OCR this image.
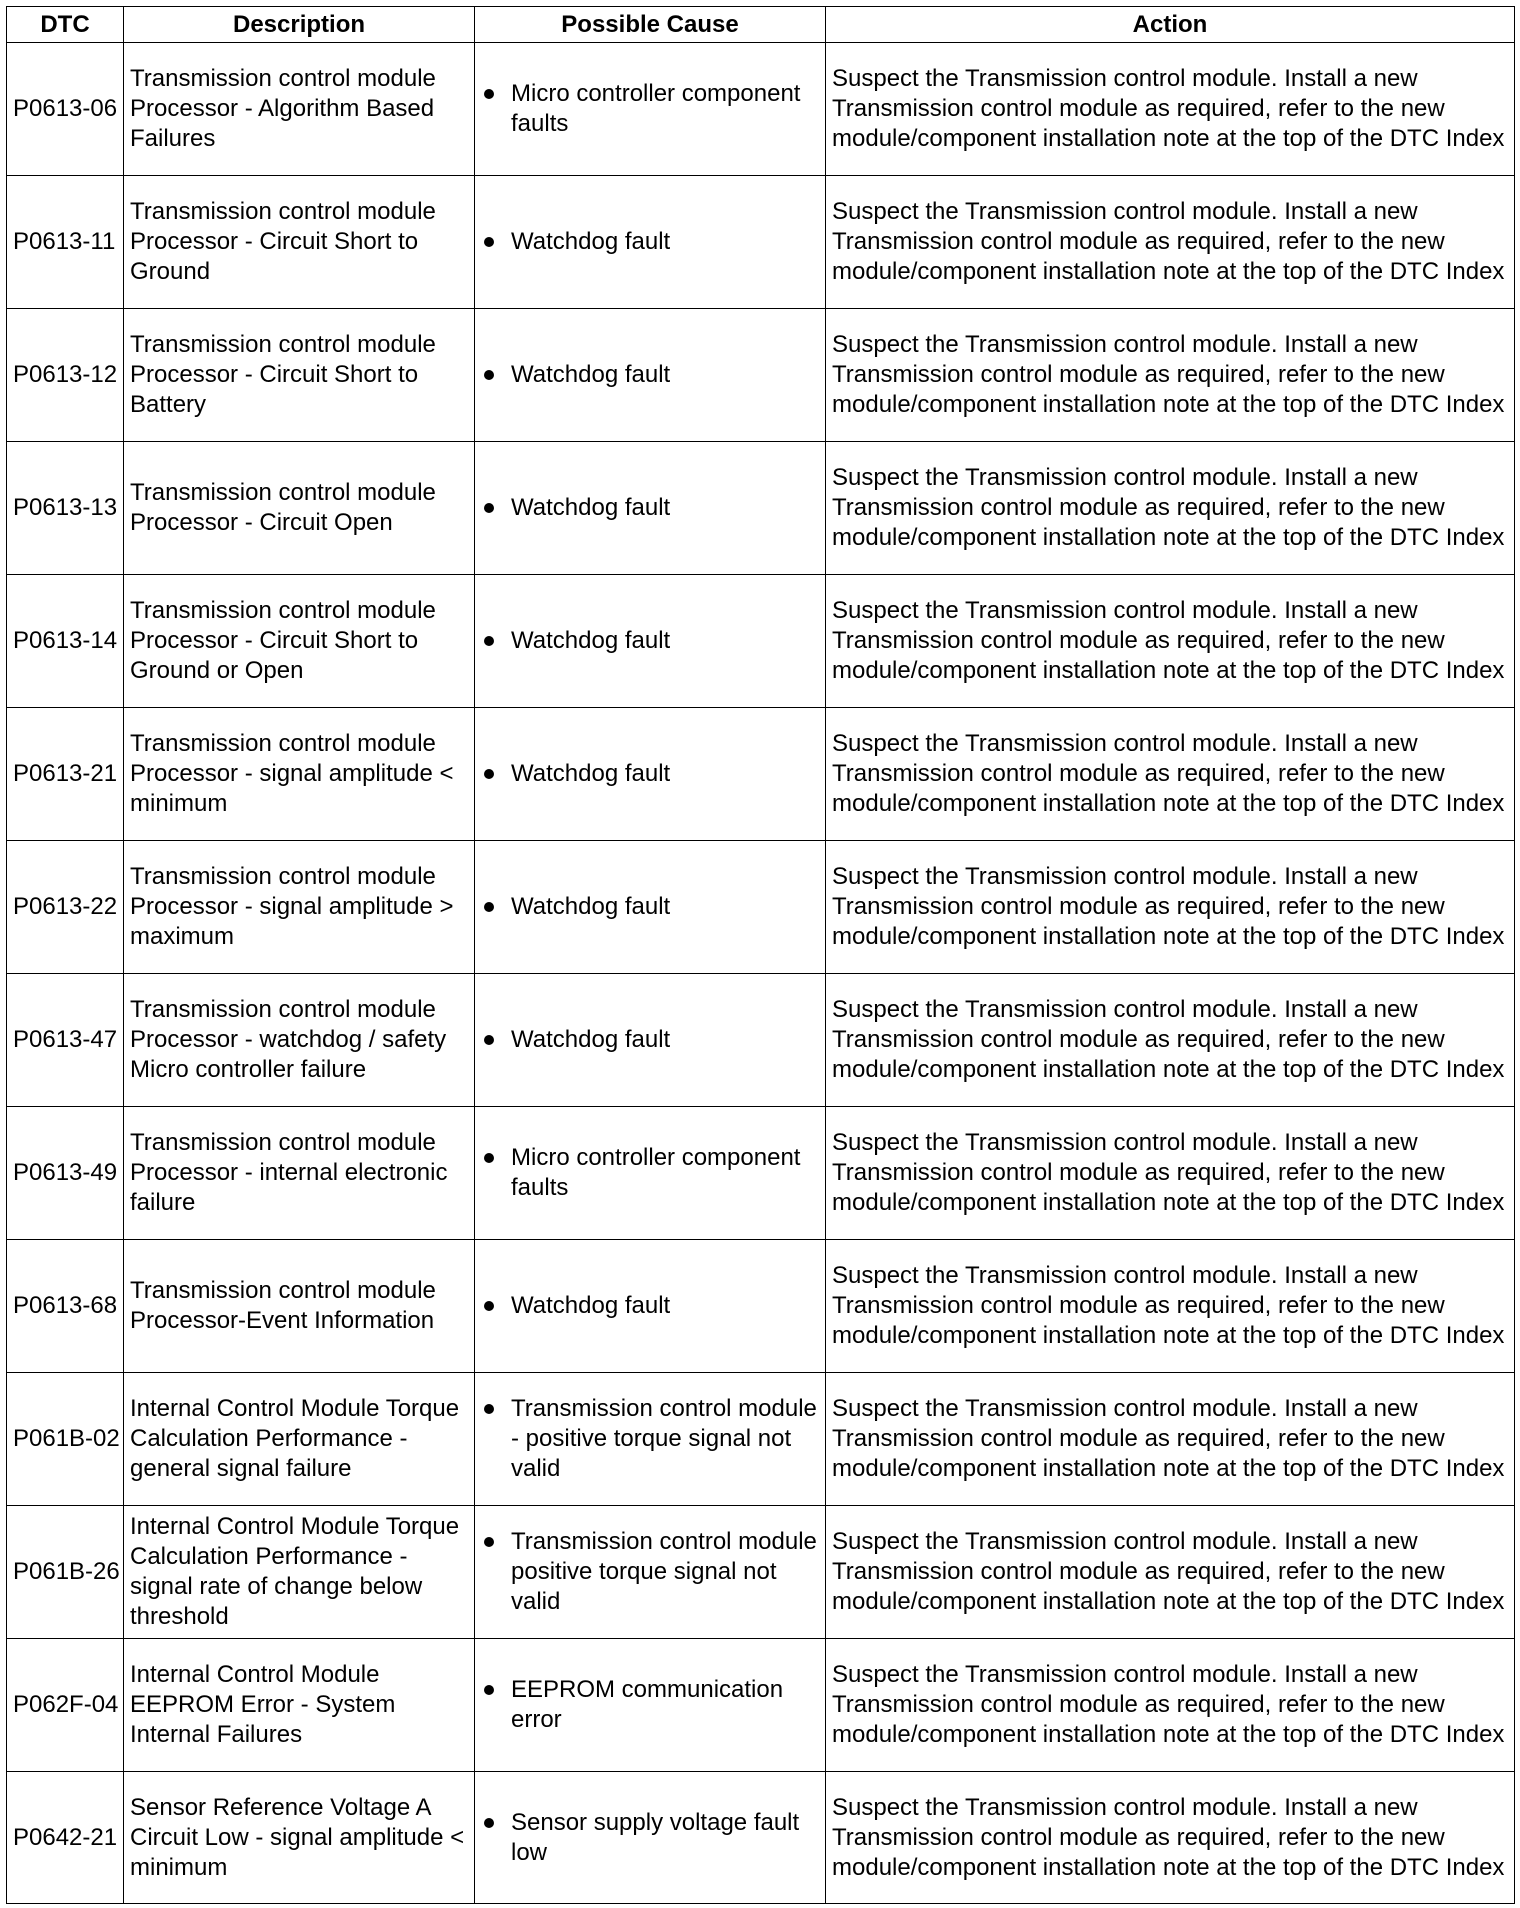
DTC	Description	Possible Cause	Action
P0613-06	Transmission control module Processor - Algorithm Based Failures	Micro controller component faults	Suspect the Transmission control module. Install a new Transmission control module as required, refer to the new module/component installation note at the top of the DTC Index
P0613-11	Transmission control module Processor - Circuit Short to Ground	Watchdog fault	Suspect the Transmission control module. Install a new Transmission control module as required, refer to the new module/component installation note at the top of the DTC Index
P0613-12	Transmission control module Processor - Circuit Short to Battery	Watchdog fault	Suspect the Transmission control module. Install a new Transmission control module as required, refer to the new module/component installation note at the top of the DTC Index
P0613-13	Transmission control module Processor - Circuit Open	Watchdog fault	Suspect the Transmission control module. Install a new Transmission control module as required, refer to the new module/component installation note at the top of the DTC Index
P0613-14	Transmission control module Processor - Circuit Short to Ground or Open	Watchdog fault	Suspect the Transmission control module. Install a new Transmission control module as required, refer to the new module/component installation note at the top of the DTC Index
P0613-21	Transmission control module Processor - signal amplitude < minimum	Watchdog fault	Suspect the Transmission control module. Install a new Transmission control module as required, refer to the new module/component installation note at the top of the DTC Index
P0613-22	Transmission control module Processor - signal amplitude > maximum	Watchdog fault	Suspect the Transmission control module. Install a new Transmission control module as required, refer to the new module/component installation note at the top of the DTC Index
P0613-47	Transmission control module Processor - watchdog / safety Micro controller failure	Watchdog fault	Suspect the Transmission control module. Install a new Transmission control module as required, refer to the new module/component installation note at the top of the DTC Index
P0613-49	Transmission control module Processor - internal electronic failure	Micro controller component faults	Suspect the Transmission control module. Install a new Transmission control module as required, refer to the new module/component installation note at the top of the DTC Index
P0613-68	Transmission control module Processor-Event Information	Watchdog fault	Suspect the Transmission control module. Install a new Transmission control module as required, refer to the new module/component installation note at the top of the DTC Index
P061B-02	Internal Control Module Torque Calculation Performance - general signal failure	Transmission control module - positive torque signal not valid	Suspect the Transmission control module. Install a new Transmission control module as required, refer to the new module/component installation note at the top of the DTC Index
P061B-26	Internal Control Module Torque Calculation Performance - signal rate of change below threshold	Transmission control module positive torque signal not valid	Suspect the Transmission control module. Install a new Transmission control module as required, refer to the new module/component installation note at the top of the DTC Index
P062F-04	Internal Control Module EEPROM Error - System Internal Failures	EEPROM communication error	Suspect the Transmission control module. Install a new Transmission control module as required, refer to the new module/component installation note at the top of the DTC Index
P0642-21	Sensor Reference Voltage A Circuit Low - signal amplitude < minimum	Sensor supply voltage fault low	Suspect the Transmission control module. Install a new Transmission control module as required, refer to the new module/component installation note at the top of the DTC Index
